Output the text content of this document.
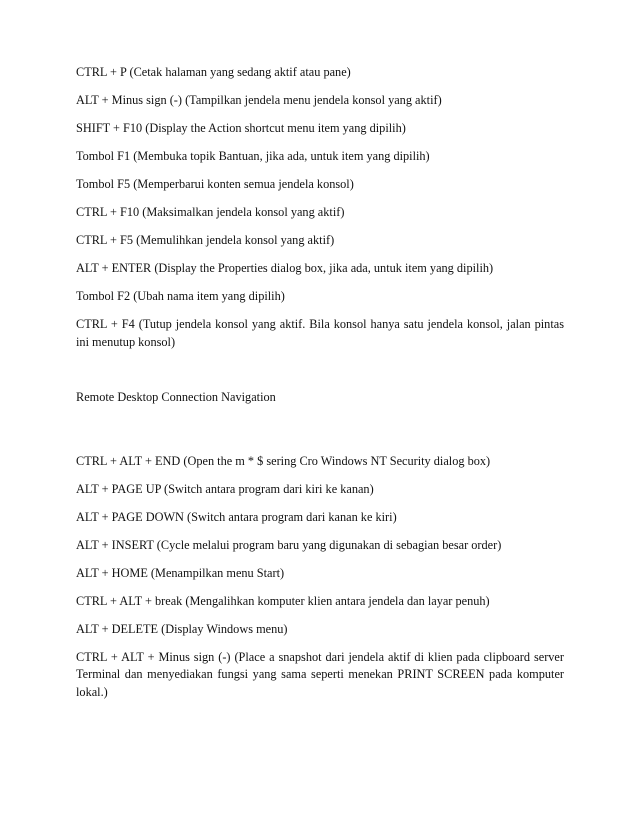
CTRL + P (Cetak halaman yang sedang aktif atau pane)

ALT + Minus sign (-) (Tampilkan jendela menu jendela konsol yang aktif)

SHIFT + F10 (Display the Action shortcut menu item yang dipilih)

Tombol F1 (Membuka topik Bantuan, jika ada, untuk item yang dipilih)

Tombol F5 (Memperbarui konten semua jendela konsol)

CTRL + F10 (Maksimalkan jendela konsol yang aktif)

CTRL + F5 (Memulihkan jendela konsol yang aktif)

ALT + ENTER (Display the Properties dialog box, jika ada, untuk item yang dipilih)

Tombol F2 (Ubah nama item yang dipilih)

CTRL + F4 (Tutup jendela konsol yang aktif. Bila konsol hanya satu jendela konsol, jalan pintas ini menutup konsol)

Remote Desktop Connection Navigation

CTRL + ALT + END (Open the m * $ sering Cro Windows NT Security dialog box)

ALT + PAGE UP (Switch antara program dari kiri ke kanan)

ALT + PAGE DOWN (Switch antara program dari kanan ke kiri)

ALT + INSERT (Cycle melalui program baru yang digunakan di sebagian besar order)

ALT + HOME (Menampilkan menu Start)

CTRL + ALT + break (Mengalihkan komputer klien antara jendela dan layar penuh)

ALT + DELETE (Display Windows menu)

CTRL + ALT + Minus sign (-) (Place a snapshot dari jendela aktif di klien pada clipboard server Terminal dan menyediakan fungsi yang sama seperti menekan PRINT SCREEN pada komputer lokal.)
